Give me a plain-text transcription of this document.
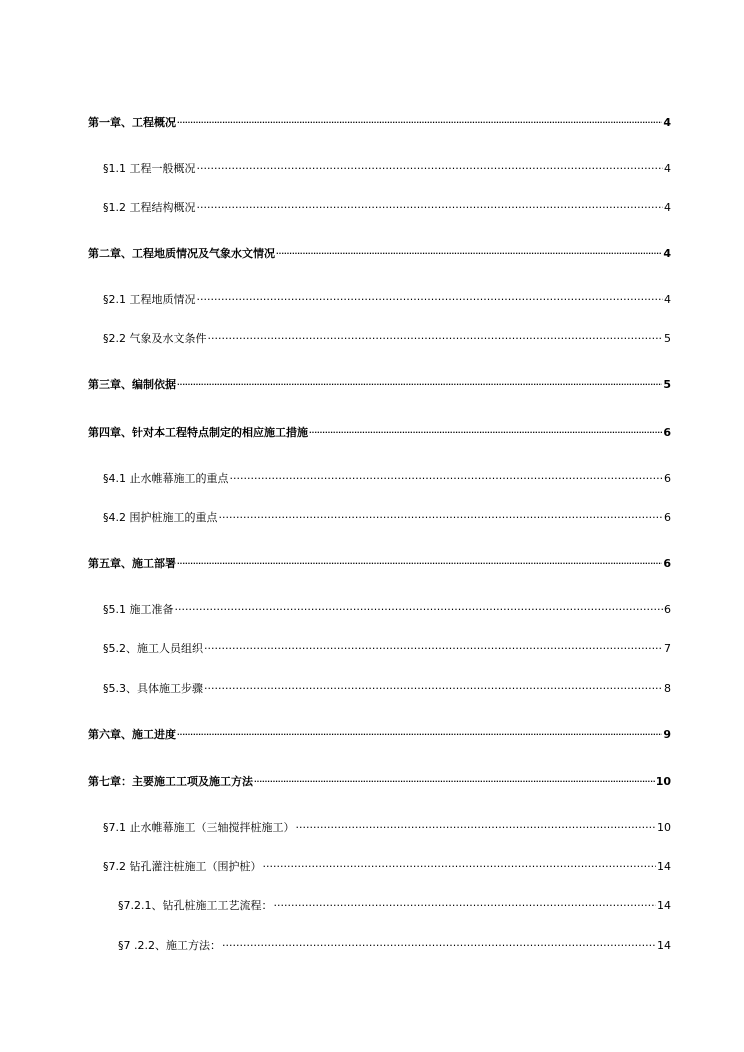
第一章、工程概况 .....	4
§1.1 工程一般概况 .....	4
§1.2 工程结构概况 .....	4
第二章、工程地质情况及气象水文情况 .....	4
§2.1 工程地质情况 .....	4
§2.2 气象及水文条件 .....	5
第三章、编制依据 .....	5
第四章、针对本工程特点制定的相应施工措施 .....	6
§4.1 止水帷幕施工的重点 .....	6
§4.2 围护桩施工的重点 .....	6
第五章、施工部署 .....	6
§5.1 施工准备 .....	6
§5.2、施工人员组织 .....	7
§5.3、具体施工步骤 .....	8
第六章、施工进度 .....	9
第七章：主要施工工项及施工方法 .....	10
§7.1 止水帷幕施工（三轴搅拌桩施工） .....	10
§7.2 钻孔灌注桩施工（围护桩） .....	14
§7.2.1、钻孔桩施工工艺流程： .....	14
§7 .2.2、施工方法： .....	14
